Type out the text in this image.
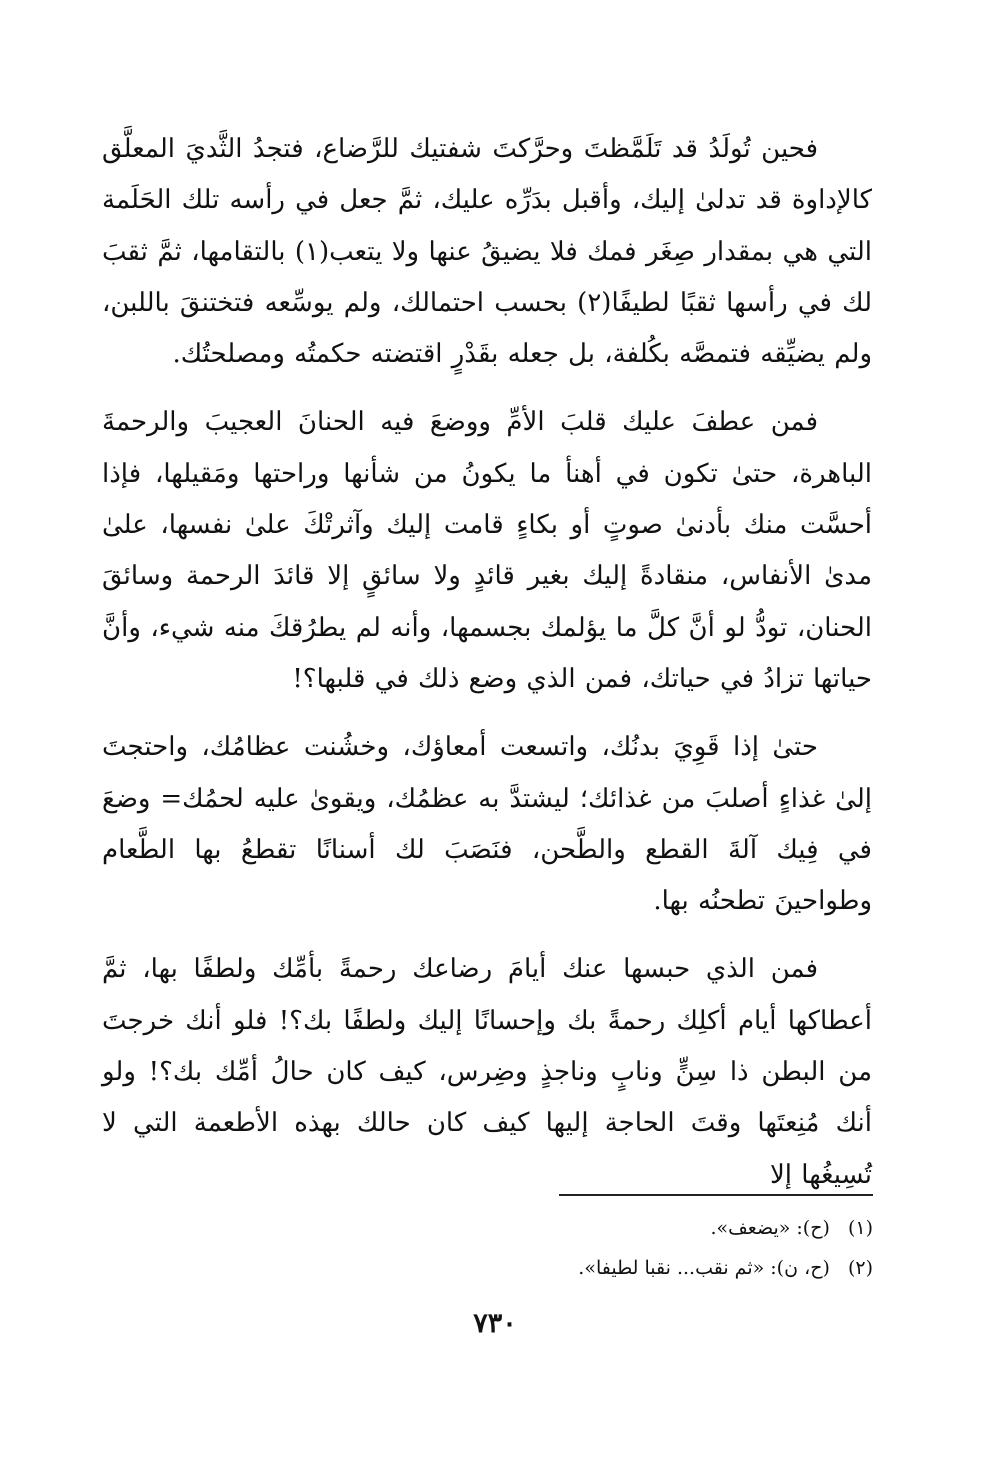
فحين تُولَدُ قد تَلَمَّظتَ وحرَّكتَ شفتيك للرَّضاع، فتجدُ الثَّديَ المعلَّق كالإداوة قد تدلىٰ إليك، وأقبل بدَرِّه عليك، ثمَّ جعل في رأسه تلك الحَلَمة التي هي بمقدار صِغَر فمك فلا يضيقُ عنها ولا يتعب(١) بالتقامها، ثمَّ ثقبَ لك في رأسها ثقبًا لطيفًا(٢) بحسب احتمالك، ولم يوسِّعه فتختنقَ باللبن، ولم يضيِّقه فتمصَّه بكُلفة، بل جعله بقَدْرٍ اقتضته حكمتُه ومصلحتُك.

فمن عطفَ عليك قلبَ الأمِّ ووضعَ فيه الحنانَ العجيبَ والرحمةَ الباهرة، حتىٰ تكون في أهنأ ما يكونُ من شأنها وراحتها ومَقيلها، فإذا أحسَّت منك بأدنىٰ صوتٍ أو بكاءٍ قامت إليك وآثرتْكَ علىٰ نفسها، علىٰ مدىٰ الأنفاس، منقادةً إليك بغير قائدٍ ولا سائقٍ إلا قائدَ الرحمة وسائقَ الحنان، تودُّ لو أنَّ كلَّ ما يؤلمك بجسمها، وأنه لم يطرُقكَ منه شيء، وأنَّ حياتها تزادُ في حياتك، فمن الذي وضع ذلك في قلبها؟!

حتىٰ إذا قَوِيَ بدنُك، واتسعت أمعاؤك، وخشُنت عظامُك، واحتجتَ إلىٰ غذاءٍ أصلبَ من غذائك؛ ليشتدَّ به عظمُك، ويقوىٰ عليه لحمُك= وضعَ في فِيك آلةَ القطع والطَّحن، فنَصَبَ لك أسنانًا تقطعُ بها الطَّعام وطواحينَ تطحنُه بها.

فمن الذي حبسها عنك أيامَ رضاعك رحمةً بأمِّك ولطفًا بها، ثمَّ أعطاكها أيام أكلِك رحمةً بك وإحسانًا إليك ولطفًا بك؟! فلو أنك خرجتَ من البطن ذا سِنٍّ ونابٍ وناجذٍ وضِرس، كيف كان حالُ أمِّك بك؟! ولو أنك مُنِعتَها وقتَ الحاجة إليها كيف كان حالك بهذه الأطعمة التي لا تُسِيغُها إلا

(١) (ح): «يضعف».

(٢) (ح، ن): «ثم نقب... نقبا لطيفا».

٧٣٠
